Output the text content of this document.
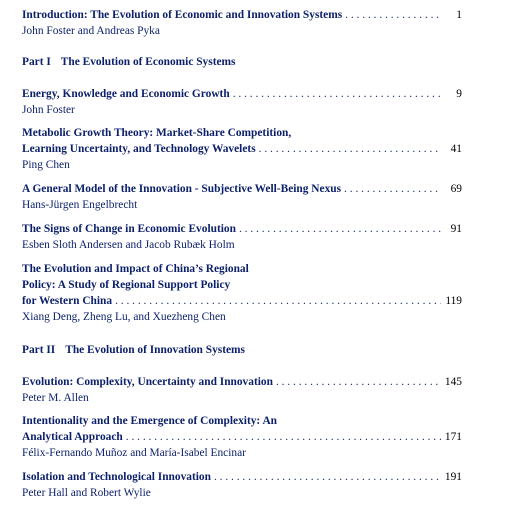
Introduction: The Evolution of Economic and Innovation Systems . . .	1
John Foster and Andreas Pyka
Part I The Evolution of Economic Systems
Energy, Knowledge and Economic Growth . . .	9
John Foster
Metabolic Growth Theory: Market-Share Competition,
Learning Uncertainty, and Technology Wavelets . . .	41
Ping Chen
A General Model of the Innovation - Subjective Well-Being Nexus . . .	69
Hans-Jürgen Engelbrecht
The Signs of Change in Economic Evolution . . .	91
Esben Sloth Andersen and Jacob Rubæk Holm
The Evolution and Impact of China’s Regional
Policy: A Study of Regional Support Policy
for Western China . . .	119
Xiang Deng, Zheng Lu, and Xuezheng Chen
Part II The Evolution of Innovation Systems
Evolution: Complexity, Uncertainty and Innovation . . .	145
Peter M. Allen
Intentionality and the Emergence of Complexity: An
Analytical Approach . . .	171
Félix-Fernando Muñoz and María-Isabel Encinar
Isolation and Technological Innovation . . .	191
Peter Hall and Robert Wylie
